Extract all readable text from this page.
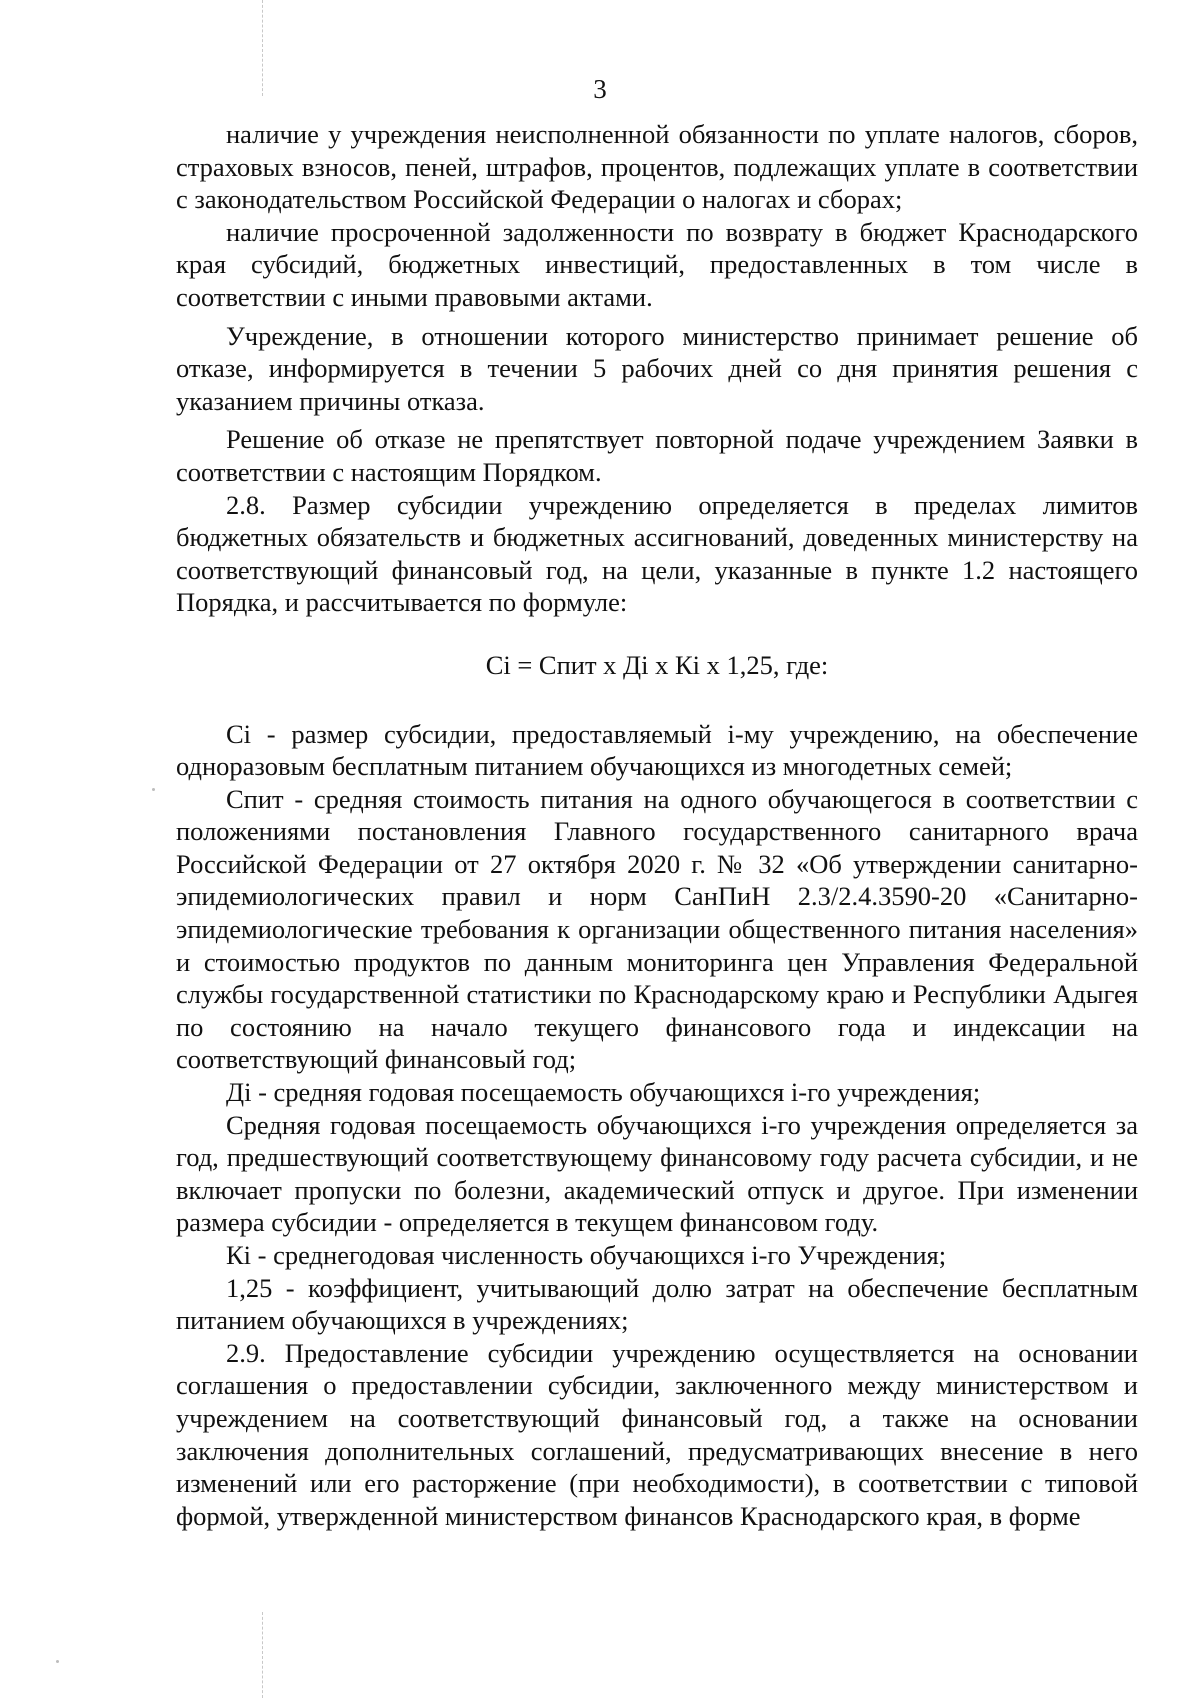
3

наличие у учреждения неисполненной обязанности по уплате налогов, сборов, страховых взносов, пеней, штрафов, процентов, подлежащих уплате в соответствии с законодательством Российской Федерации о налогах и сборах;

наличие просроченной задолженности по возврату в бюджет Краснодарского края субсидий, бюджетных инвестиций, предоставленных в том числе в соответствии с иными правовыми актами.

Учреждение, в отношении которого министерство принимает решение об отказе, информируется в течении 5 рабочих дней со дня принятия решения с указанием причины отказа.

Решение об отказе не препятствует повторной подаче учреждением Заявки в соответствии с настоящим Порядком.

2.8. Размер субсидии учреждению определяется в пределах лимитов бюджетных обязательств и бюджетных ассигнований, доведенных министерству на соответствующий финансовый год, на цели, указанные в пункте 1.2 настоящего Порядка, и рассчитывается по формуле:

Сi = Спит х Дi х Кi х 1,25, где:

Сi - размер субсидии, предоставляемый i-му учреждению, на обеспечение одноразовым бесплатным питанием обучающихся из многодетных семей;

Спит - средняя стоимость питания на одного обучающегося в соответствии с положениями постановления Главного государственного санитарного врача Российской Федерации от 27 октября 2020 г. № 32 «Об утверждении санитарно-эпидемиологических правил и норм СанПиН 2.3/2.4.3590-20 «Санитарно-эпидемиологические требования к организации общественного питания населения» и стоимостью продуктов по данным мониторинга цен Управления Федеральной службы государственной статистики по Краснодарскому краю и Республики Адыгея по состоянию на начало текущего финансового года и индексации на соответствующий финансовый год;

Дi - средняя годовая посещаемость обучающихся i-го учреждения;

Средняя годовая посещаемость обучающихся i-го учреждения определяется за год, предшествующий соответствующему финансовому году расчета субсидии, и не включает пропуски по болезни, академический отпуск и другое. При изменении размера субсидии - определяется в текущем финансовом году.

Кi - среднегодовая численность обучающихся i-го Учреждения;

1,25 - коэффициент, учитывающий долю затрат на обеспечение бесплатным питанием обучающихся в учреждениях;

2.9. Предоставление субсидии учреждению осуществляется на основании соглашения о предоставлении субсидии, заключенного между министерством и учреждением на соответствующий финансовый год, а также на основании заключения дополнительных соглашений, предусматривающих внесение в него изменений или его расторжение (при необходимости), в соответствии с типовой формой, утвержденной министерством финансов Краснодарского края, в форме
